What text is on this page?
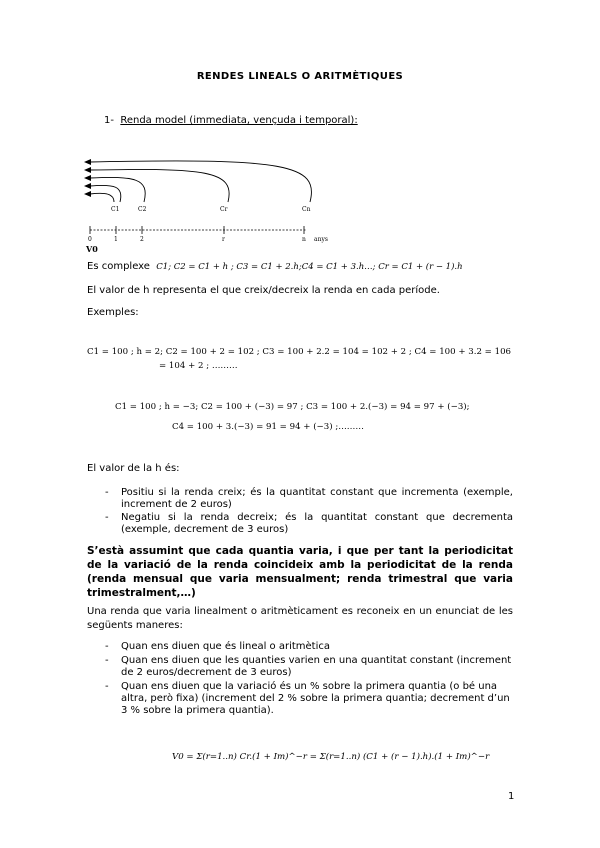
RENDES LINEALS O ARITMÈTIQUES
1- Renda model (immediata, vençuda i temporal):
C1	C2	Cr	Cn
0	1	2	r	n anys
V0
Es complexe C1; C2 = C1 + h ; C3 = C1 + 2.h;C4 = C1 + 3.h…; Cr = C1 + (r − 1).h
El valor de h representa el que creix/decreix la renda en cada període.
Exemples:
C1 = 100 ; h = 2; C2 = 100 + 2 = 102 ; C3 = 100 + 2.2 = 104 = 102 + 2 ; C4 = 100 + 3.2 = 106
= 104 + 2 ; ………
C1 = 100 ; h = −3; C2 = 100 + (−3) = 97 ; C3 = 100 + 2.(−3) = 94 = 97 + (−3);
C4 = 100 + 3.(−3) = 91 = 94 + (−3) ;………
El valor de la h és:
- Positiu si la renda creix; és la quantitat constant que incrementa (exemple, increment de 2 euros)
- Negatiu si la renda decreix; és la quantitat constant que decrementa (exemple, decrement de 3 euros)
S’està assumint que cada quantia varia, i que per tant la periodicitat de la variació de la renda coincideix amb la periodicitat de la renda (renda mensual que varia mensualment; renda trimestral que varia trimestralment,…)
Una renda que varia linealment o aritmèticament es reconeix en un enunciat de les següents maneres:
- Quan ens diuen que és lineal o aritmètica
- Quan ens diuen que les quanties varien en una quantitat constant (increment de 2 euros/decrement de 3 euros)
- Quan ens diuen que la variació és un % sobre la primera quantia (o bé una altra, però fixa) (increment del 2 % sobre la primera quantia; decrement d’un 3 % sobre la primera quantia).
V0 = Σ(r=1..n) Cr.(1 + Im)^−r = Σ(r=1..n) (C1 + (r − 1).h).(1 + Im)^−r
1
